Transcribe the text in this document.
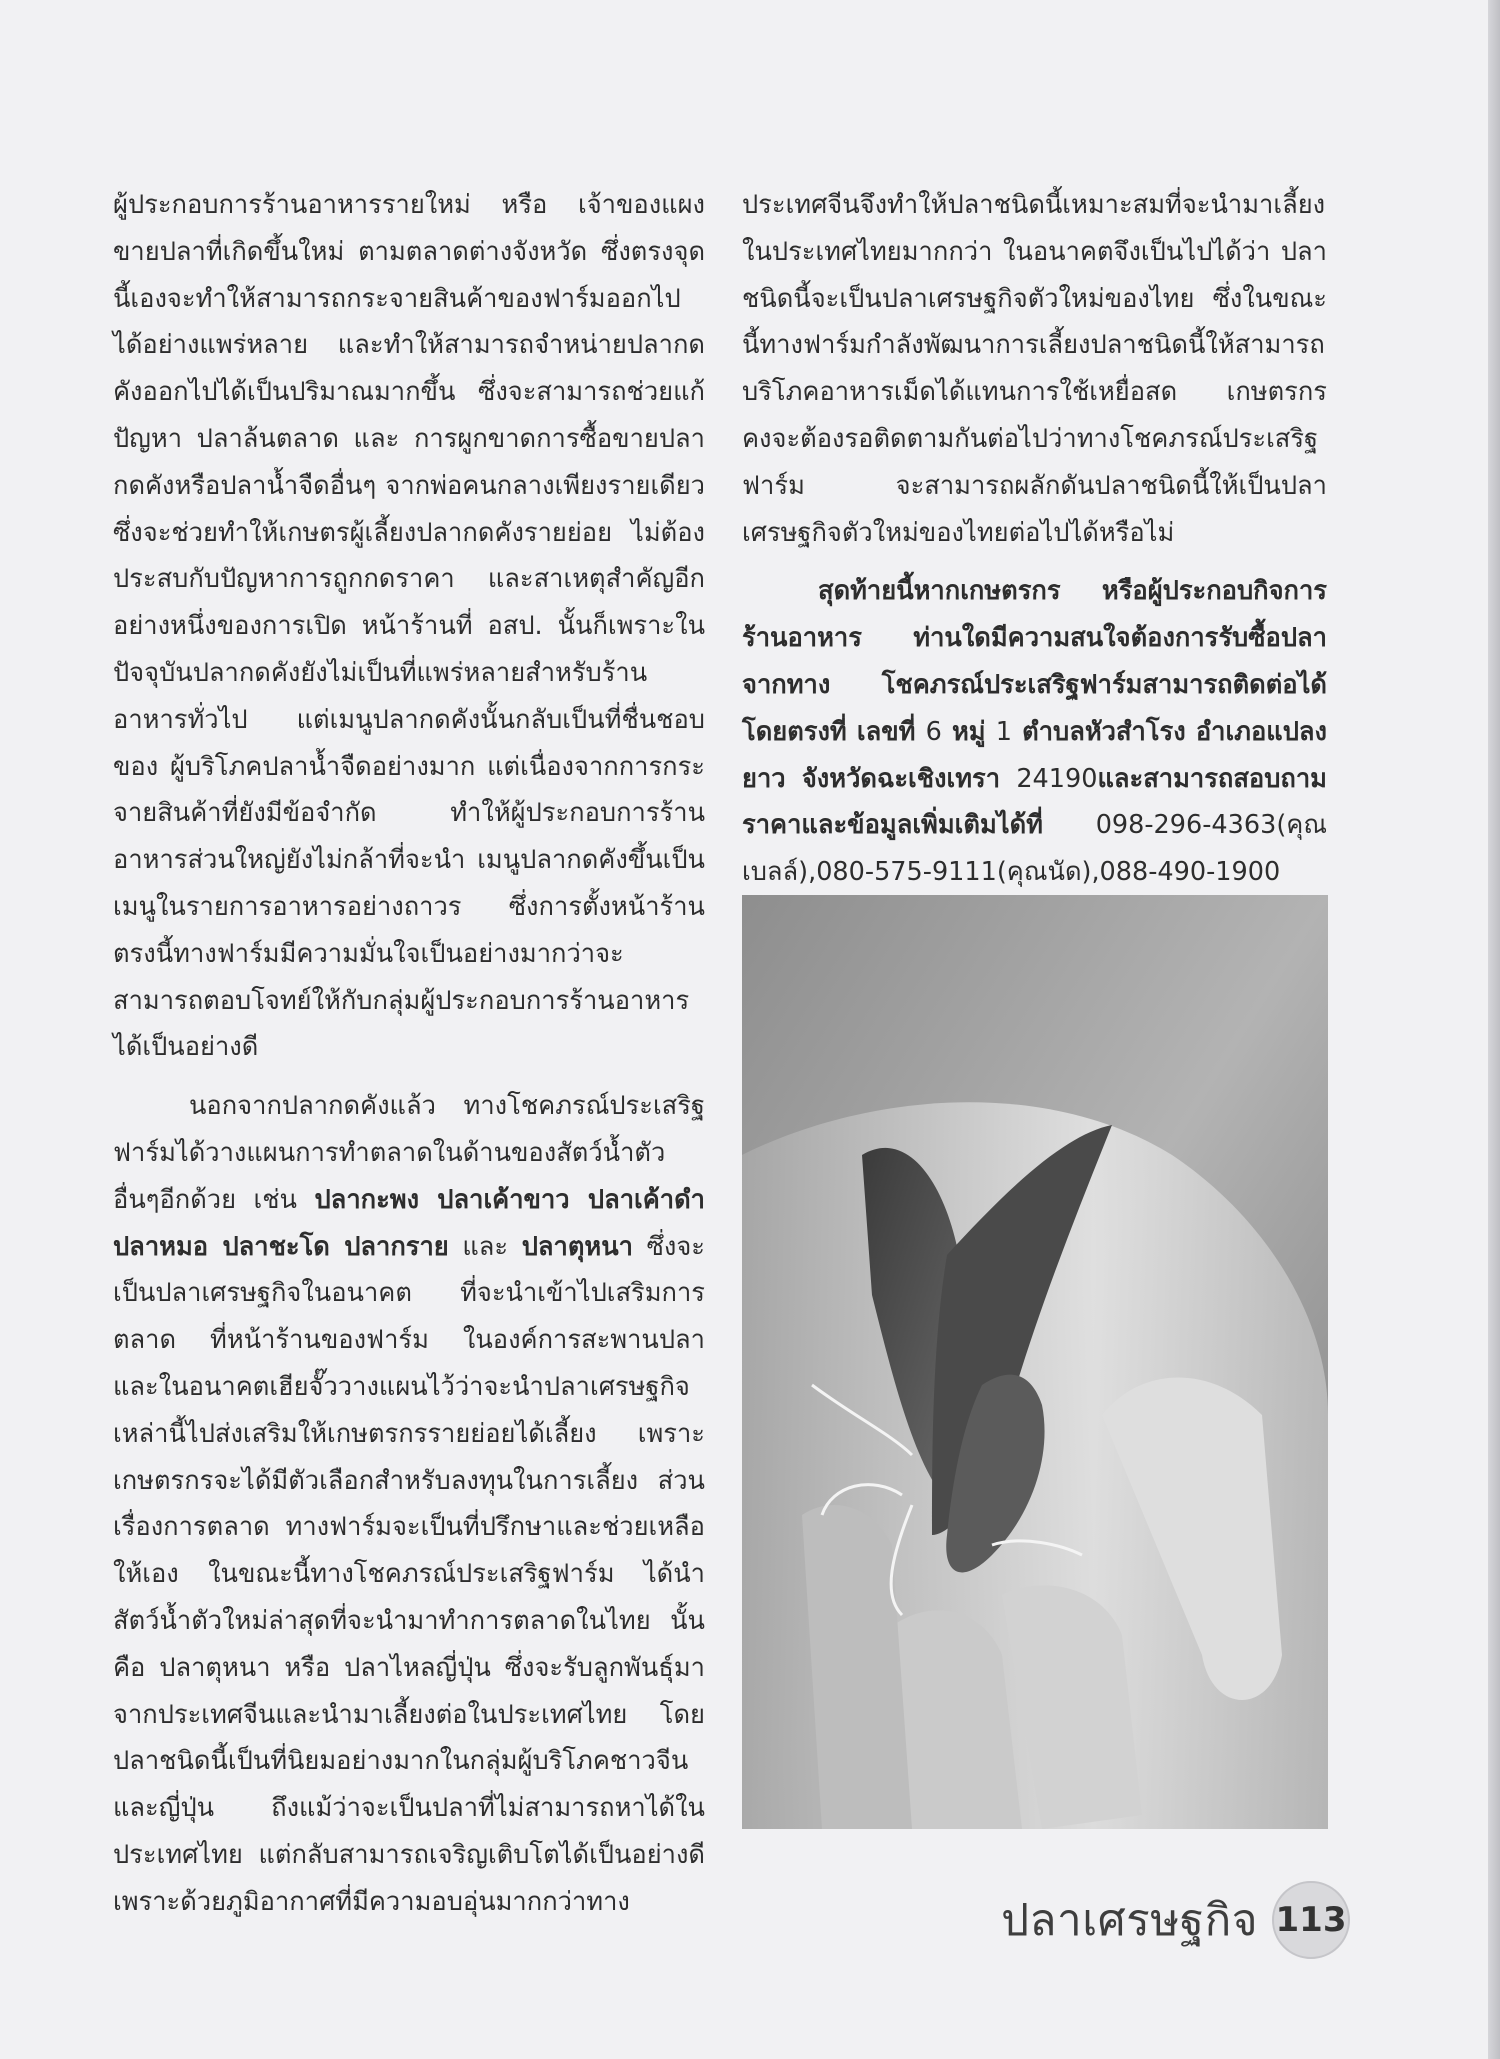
ผู้ประกอบการร้านอาหารรายใหม่ หรือ เจ้าของแผงขายปลาที่เกิดขึ้นใหม่ ตามตลาดต่างจังหวัด ซึ่งตรงจุดนี้เองจะทำให้สามารถกระจายสินค้าของฟาร์มออกไปได้อย่างแพร่หลาย และทำให้สามารถจำหน่ายปลากดคังออกไปได้เป็นปริมาณมากขึ้น ซึ่งจะสามารถช่วยแก้ปัญหา ปลาล้นตลาด และ การผูกขาดการซื้อขายปลากดคังหรือปลาน้ำจืดอื่นๆ จากพ่อคนกลางเพียงรายเดียว ซึ่งจะช่วยทำให้เกษตรผู้เลี้ยงปลากดคังรายย่อย ไม่ต้องประสบกับปัญหาการถูกกดราคา และสาเหตุสำคัญอีกอย่างหนึ่งของการเปิด หน้าร้านที่ อสป. นั้นก็เพราะในปัจจุบันปลากดคังยังไม่เป็นที่แพร่หลายสำหรับร้านอาหารทั่วไป แต่เมนูปลากดคังนั้นกลับเป็นที่ชื่นชอบของ ผู้บริโภคปลาน้ำจืดอย่างมาก แต่เนื่องจากการกระจายสินค้าที่ยังมีข้อจำกัด ทำให้ผู้ประกอบการร้านอาหารส่วนใหญ่ยังไม่กล้าที่จะนำ เมนูปลากดคังขึ้นเป็นเมนูในรายการอาหารอย่างถาวร ซึ่งการตั้งหน้าร้านตรงนี้ทางฟาร์มมีความมั่นใจเป็นอย่างมากว่าจะสามารถตอบโจทย์ให้กับกลุ่มผู้ประกอบการร้านอาหารได้เป็นอย่างดี

นอกจากปลากดคังแล้ว ทางโชคภรณ์ประเสริฐฟาร์มได้วางแผนการทำตลาดในด้านของสัตว์น้ำตัวอื่นๆอีกด้วย เช่น ปลากะพง ปลาเค้าขาว ปลาเค้าดำ ปลาหมอ ปลาชะโด ปลากราย และ ปลาตุหนา ซึ่งจะเป็นปลาเศรษฐกิจในอนาคต ที่จะนำเข้าไปเสริมการตลาด ที่หน้าร้านของฟาร์ม ในองค์การสะพานปลา และในอนาคตเฮียจั๊ววางแผนไว้ว่าจะนำปลาเศรษฐกิจเหล่านี้ไปส่งเสริมให้เกษตรกรรายย่อยได้เลี้ยง เพราะเกษตรกรจะได้มีตัวเลือกสำหรับลงทุนในการเลี้ยง ส่วนเรื่องการตลาด ทางฟาร์มจะเป็นที่ปรึกษาและช่วยเหลือให้เอง ในขณะนี้ทางโชคภรณ์ประเสริฐฟาร์ม ได้นำสัตว์น้ำตัวใหม่ล่าสุดที่จะนำมาทำการตลาดในไทย นั้นคือ ปลาตุหนา หรือ ปลาไหลญี่ปุ่น ซึ่งจะรับลูกพันธุ์มาจากประเทศจีนและนำมาเลี้ยงต่อในประเทศไทย โดยปลาชนิดนี้เป็นที่นิยมอย่างมากในกลุ่มผู้บริโภคชาวจีน และญี่ปุ่น ถึงแม้ว่าจะเป็นปลาที่ไม่สามารถหาได้ในประเทศไทย แต่กลับสามารถเจริญเติบโตได้เป็นอย่างดีเพราะด้วยภูมิอากาศที่มีความอบอุ่นมากกว่าทาง

ประเทศจีนจึงทำให้ปลาชนิดนี้เหมาะสมที่จะนำมาเลี้ยงในประเทศไทยมากกว่า ในอนาคตจึงเป็นไปได้ว่า ปลาชนิดนี้จะเป็นปลาเศรษฐกิจตัวใหม่ของไทย ซึ่งในขณะนี้ทางฟาร์มกำลังพัฒนาการเลี้ยงปลาชนิดนี้ให้สามารถบริโภคอาหารเม็ดได้แทนการใช้เหยื่อสด เกษตรกรคงจะต้องรอติดตามกันต่อไปว่าทางโชคภรณ์ประเสริฐฟาร์ม จะสามารถผลักดันปลาชนิดนี้ให้เป็นปลาเศรษฐกิจตัวใหม่ของไทยต่อไปได้หรือไม่

สุดท้ายนี้หากเกษตรกร หรือผู้ประกอบกิจการร้านอาหาร ท่านใดมีความสนใจต้องการรับซื้อปลาจากทาง โชคภรณ์ประเสริฐฟาร์มสามารถติดต่อได้โดยตรงที่ เลขที่ 6 หมู่ 1 ตำบลหัวสำโรง อำเภอแปลงยาว จังหวัดฉะเชิงเทรา 24190และสามารถสอบถามราคาและข้อมูลเพิ่มเติมได้ที่ 098-296-4363(คุณเบลล์),080-575-9111(คุณนัด),088-490-1900

ปลาเศรษฐกิจ 113
